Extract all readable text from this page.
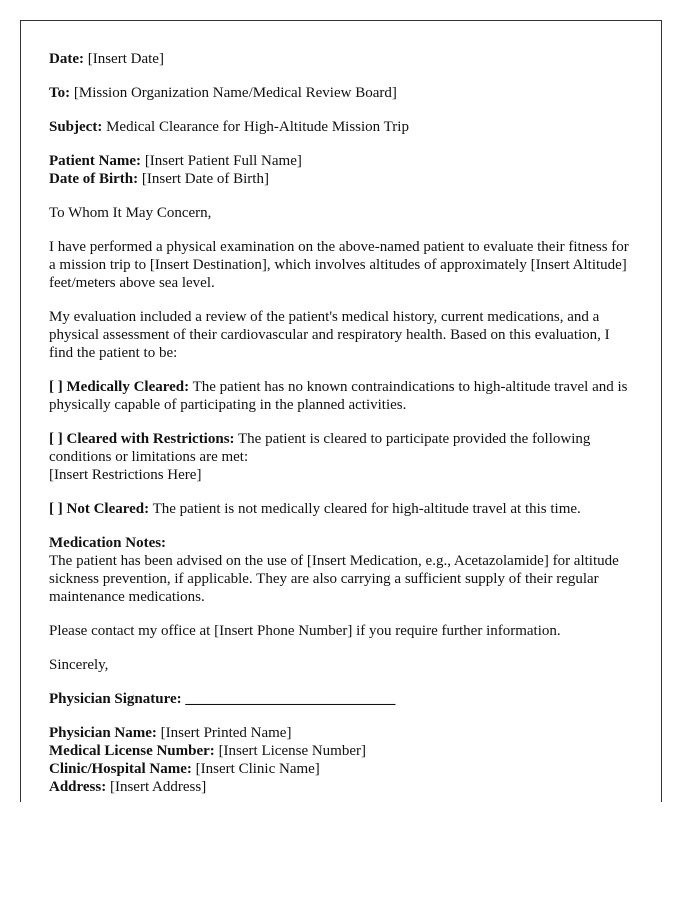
Date: [Insert Date]

To: [Mission Organization Name/Medical Review Board]

Subject: Medical Clearance for High-Altitude Mission Trip

Patient Name: [Insert Patient Full Name]
Date of Birth: [Insert Date of Birth]

To Whom It May Concern,

I have performed a physical examination on the above-named patient to evaluate their fitness for a mission trip to [Insert Destination], which involves altitudes of approximately [Insert Altitude] feet/meters above sea level.

My evaluation included a review of the patient's medical history, current medications, and a physical assessment of their cardiovascular and respiratory health. Based on this evaluation, I find the patient to be:

[ ] Medically Cleared: The patient has no known contraindications to high-altitude travel and is physically capable of participating in the planned activities.

[ ] Cleared with Restrictions: The patient is cleared to participate provided the following conditions or limitations are met:
[Insert Restrictions Here]

[ ] Not Cleared: The patient is not medically cleared for high-altitude travel at this time.

Medication Notes:
The patient has been advised on the use of [Insert Medication, e.g., Acetazolamide] for altitude sickness prevention, if applicable. They are also carrying a sufficient supply of their regular maintenance medications.

Please contact my office at [Insert Phone Number] if you require further information.

Sincerely,

Physician Signature: ____________________________

Physician Name: [Insert Printed Name]
Medical License Number: [Insert License Number]
Clinic/Hospital Name: [Insert Clinic Name]
Address: [Insert Address]
